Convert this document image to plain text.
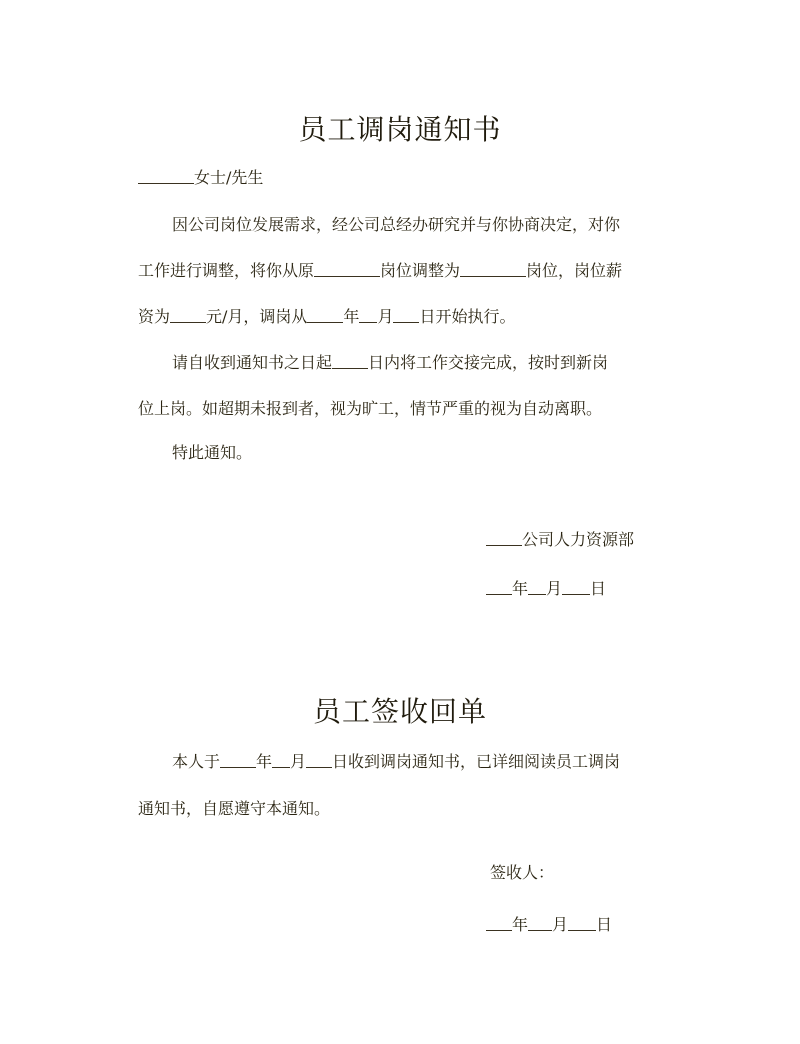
员工调岗通知书
女士/先生
因公司岗位发展需求，经公司总经办研究并与你协商决定，对你
工作进行调整，将你从原	岗位调整为	岗位，岗位薪
资为 元/月，调岗从 年 月 日开始执行。
请自收到通知书之日起 日内将工作交接完成，按时到新岗
位上岗。如超期未报到者，视为旷工，情节严重的视为自动离职。
特此通知。
公司人力资源部
年 月 日
员工签收回单
本人于 年 月 日收到调岗通知书，已详细阅读员工调岗
通知书，自愿遵守本通知。
签收人：
年 月 日
